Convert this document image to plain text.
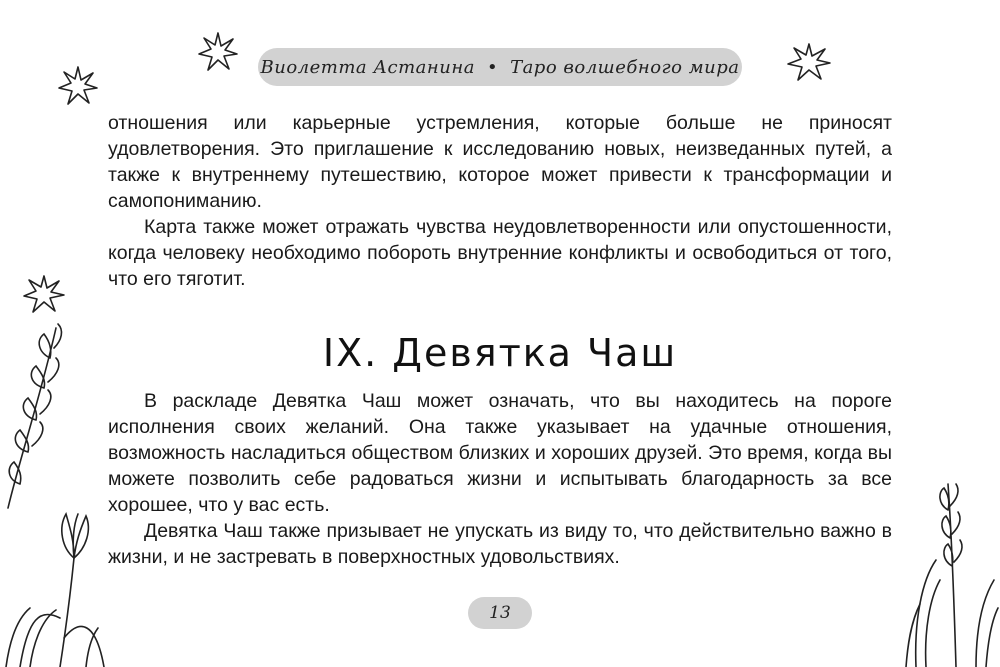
Виолетта Астанина • Таро волшебного мира

отношения или карьерные устремления, которые больше не приносят удовлетворения. Это приглашение к исследованию новых, неизведанных путей, а также к внутреннему путешествию, которое может привести к трансформации и самопониманию.

Карта также может отражать чувства неудовлетворенности или опустошенности, когда человеку необходимо побороть внутренние конфликты и освободиться от того, что его тяготит.

IX. Девятка Чаш

В раскладе Девятка Чаш может означать, что вы находитесь на пороге исполнения своих желаний. Она также указывает на удачные отношения, возможность насладиться обществом близких и хороших друзей. Это время, когда вы можете позволить себе радоваться жизни и испытывать благодарность за все хорошее, что у вас есть.

Девятка Чаш также призывает не упускать из виду то, что действительно важно в жизни, и не застревать в поверхностных удовольствиях.

13
